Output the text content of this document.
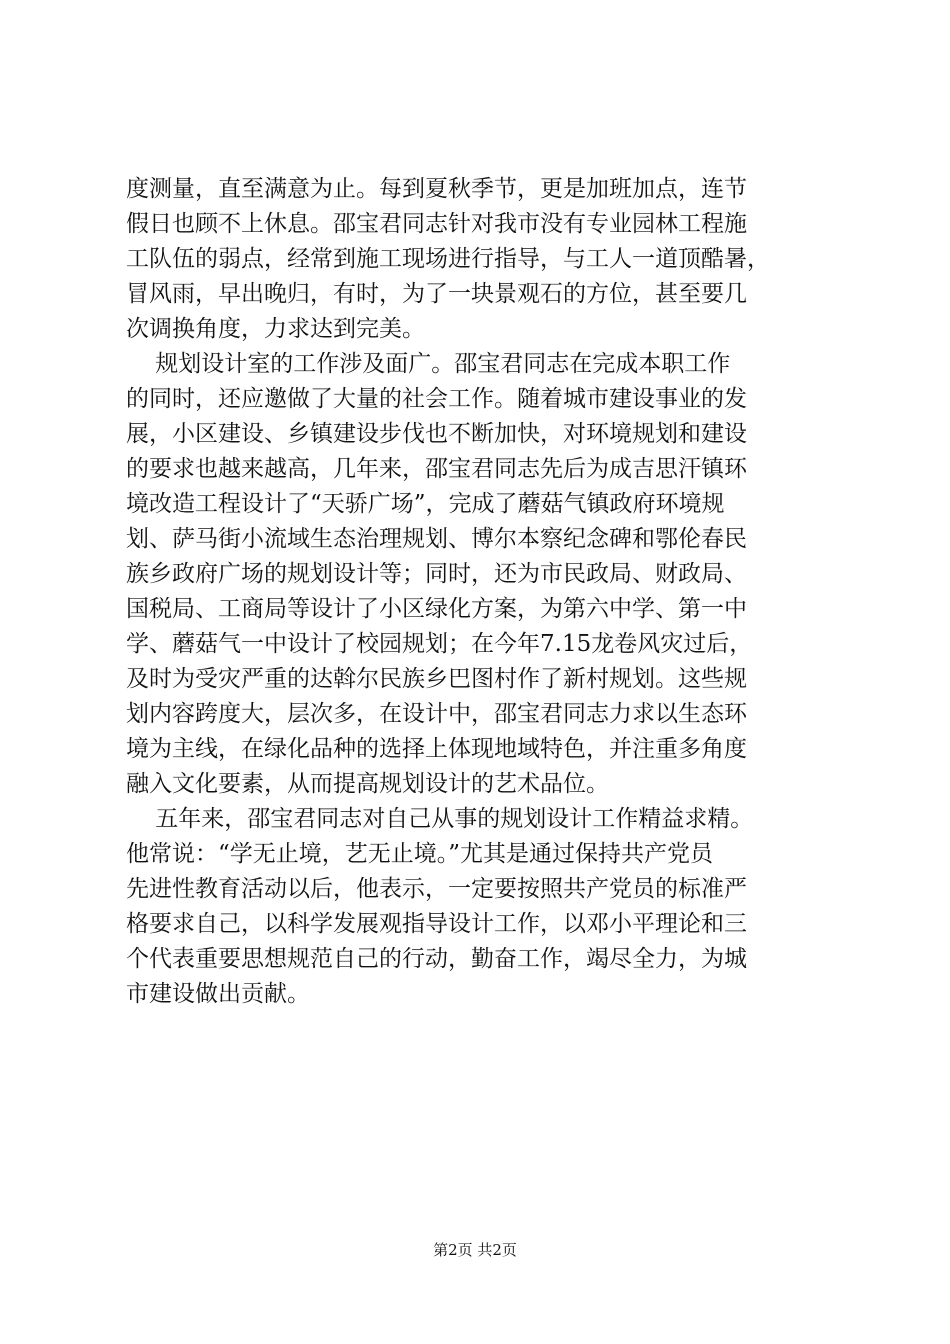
度测量，直至满意为止。每到夏秋季节，更是加班加点，连节
假日也顾不上休息。邵宝君同志针对我市没有专业园林工程施
工队伍的弱点，经常到施工现场进行指导，与工人一道顶酷暑，
冒风雨，早出晚归，有时，为了一块景观石的方位，甚至要几
次调换角度，力求达到完美。
规划设计室的工作涉及面广。邵宝君同志在完成本职工作
的同时，还应邀做了大量的社会工作。随着城市建设事业的发
展，小区建设、乡镇建设步伐也不断加快，对环境规划和建设
的要求也越来越高，几年来，邵宝君同志先后为成吉思汗镇环
境改造工程设计了“天骄广场”，完成了蘑菇气镇政府环境规
划、萨马街小流域生态治理规划、博尔本察纪念碑和鄂伦春民
族乡政府广场的规划设计等；同时，还为市民政局、财政局、
国税局、工商局等设计了小区绿化方案，为第六中学、第一中
学、蘑菇气一中设计了校园规划；在今年7.15龙卷风灾过后，
及时为受灾严重的达斡尔民族乡巴图村作了新村规划。这些规
划内容跨度大，层次多，在设计中，邵宝君同志力求以生态环
境为主线，在绿化品种的选择上体现地域特色，并注重多角度
融入文化要素，从而提高规划设计的艺术品位。
五年来，邵宝君同志对自己从事的规划设计工作精益求精。
他常说：“学无止境，艺无止境。”尤其是通过保持共产党员
先进性教育活动以后，他表示，一定要按照共产党员的标准严
格要求自己，以科学发展观指导设计工作，以邓小平理论和三
个代表重要思想规范自己的行动，勤奋工作，竭尽全力，为城
市建设做出贡献。
第2页 共2页
